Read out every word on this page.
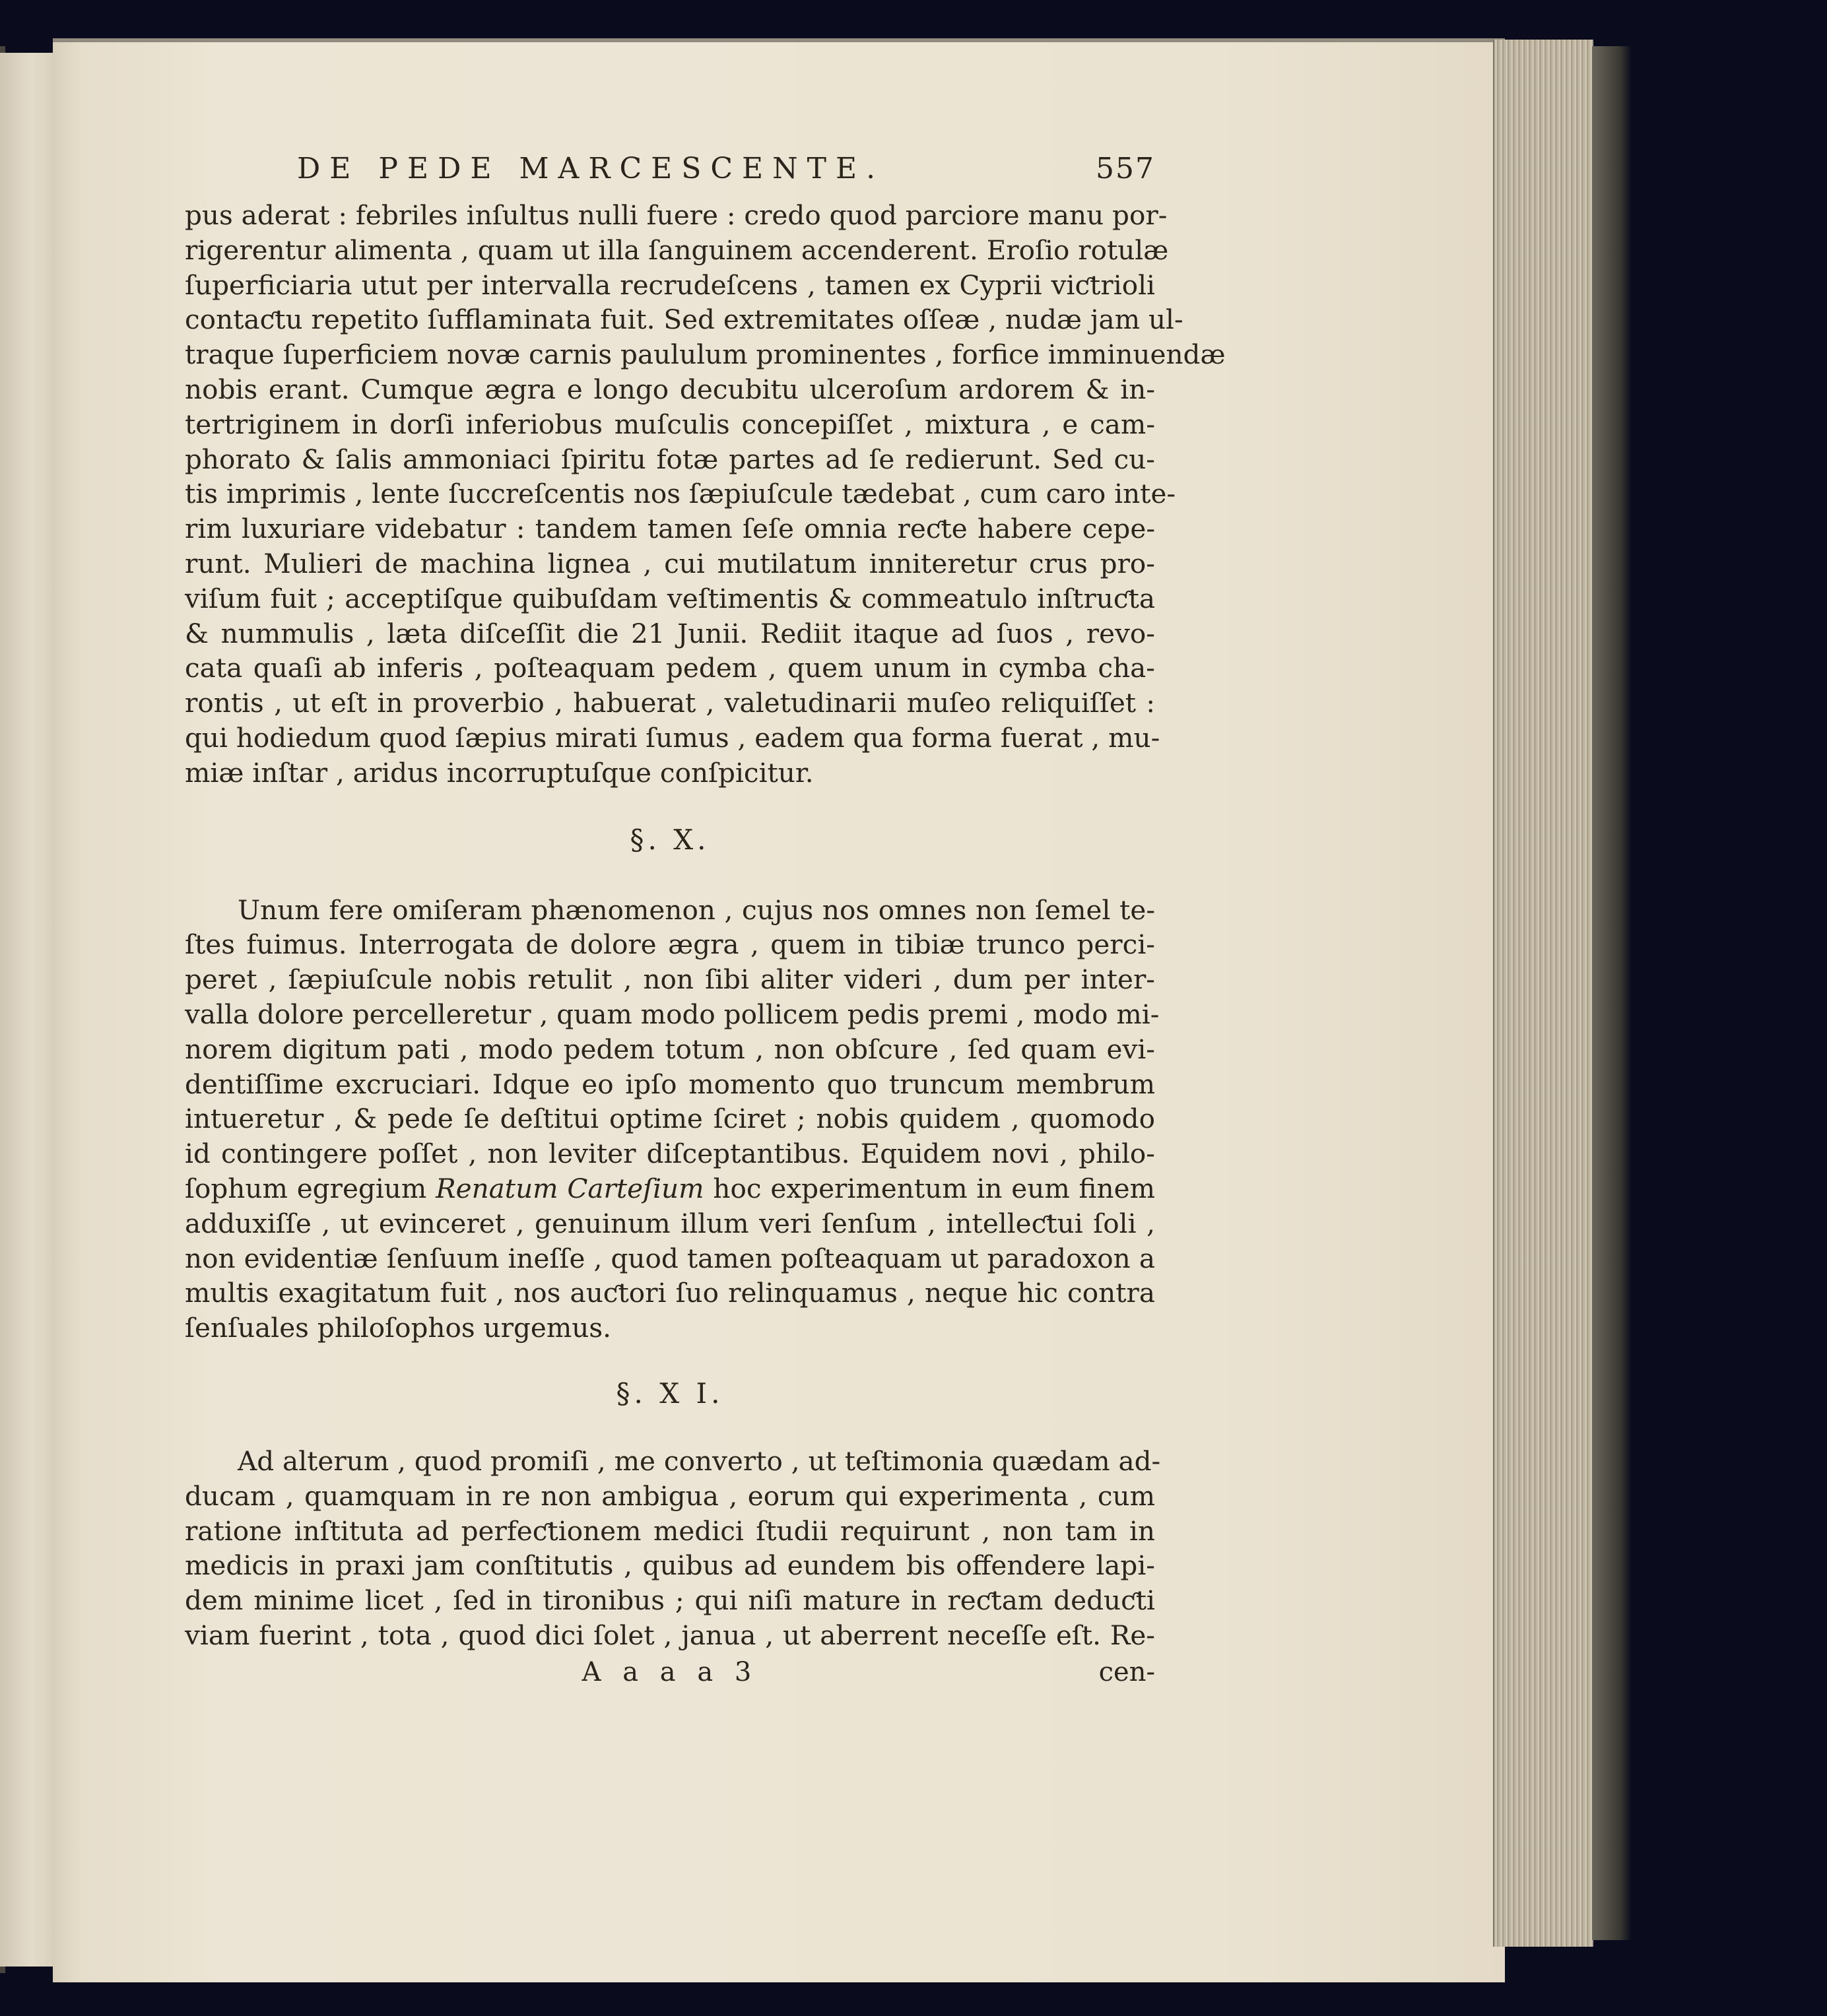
DE PEDE MARCESCENTE.	557
pus aderat : febriles inſultus nulli fuere : credo quod parciore manu por-
rigerentur alimenta , quam ut illa ſanguinem accenderent. Eroſio rotulæ
ſuperficiaria utut per intervalla recrudeſcens , tamen ex Cyprii viƈtrioli
contaƈtu repetito ſufflaminata fuit. Sed extremitates oſſeæ , nudæ jam ul-
traque ſuperficiem novæ carnis paululum prominentes , forfice imminuendæ
nobis erant. Cumque ægra e longo decubitu ulceroſum ardorem & in-
tertriginem in dorſi inferiobus muſculis concepiſſet , mixtura , e cam-
phorato & ſalis ammoniaci ſpiritu fotæ partes ad ſe redierunt. Sed cu-
tis imprimis , lente ſuccreſcentis nos ſæpiuſcule tædebat , cum caro inte-
rim luxuriare videbatur : tandem tamen ſeſe omnia reƈte habere cepe-
runt. Mulieri de machina lignea , cui mutilatum inniteretur crus pro-
viſum fuit ; acceptiſque quibuſdam veſtimentis & commeatulo inſtruƈta
& nummulis , læta diſceſſit die 21 Junii. Rediit itaque ad ſuos , revo-
cata quaſi ab inferis , poſteaquam pedem , quem unum in cymba cha-
rontis , ut eſt in proverbio , habuerat , valetudinarii muſeo reliquiſſet :
qui hodiedum quod ſæpius mirati ſumus , eadem qua forma fuerat , mu-
miæ inſtar , aridus incorruptuſque conſpicitur.
§. X.
Unum fere omiſeram phænomenon , cujus nos omnes non ſemel te-
ſtes fuimus. Interrogata de dolore ægra , quem in tibiæ trunco perci-
peret , ſæpiuſcule nobis retulit , non ſibi aliter videri , dum per inter-
valla dolore percelleretur , quam modo pollicem pedis premi , modo mi-
norem digitum pati , modo pedem totum , non obſcure , ſed quam evi-
dentiſſime excruciari. Idque eo ipſo momento quo truncum membrum
intueretur , & pede ſe deſtitui optime ſciret ; nobis quidem , quomodo
id contingere poſſet , non leviter diſceptantibus. Equidem novi , philo-
ſophum egregium Renatum Carteſium hoc experimentum in eum finem
adduxiſſe , ut evinceret , genuinum illum veri ſenſum , intelleƈtui ſoli ,
non evidentiæ ſenſuum ineſſe , quod tamen poſteaquam ut paradoxon a
multis exagitatum fuit , nos auƈtori ſuo relinquamus , neque hic contra
ſenſuales philoſophos urgemus.
§. X I.
Ad alterum , quod promiſi , me converto , ut teſtimonia quædam ad-
ducam , quamquam in re non ambigua , eorum qui experimenta , cum
ratione inſtituta ad perfeƈtionem medici ſtudii requirunt , non tam in
medicis in praxi jam conſtitutis , quibus ad eundem bis offendere lapi-
dem minime licet , ſed in tironibus ; qui niſi mature in reƈtam deduƈti
viam fuerint , tota , quod dici ſolet , janua , ut aberrent neceſſe eſt. Re-
A a a a 3	cen-
